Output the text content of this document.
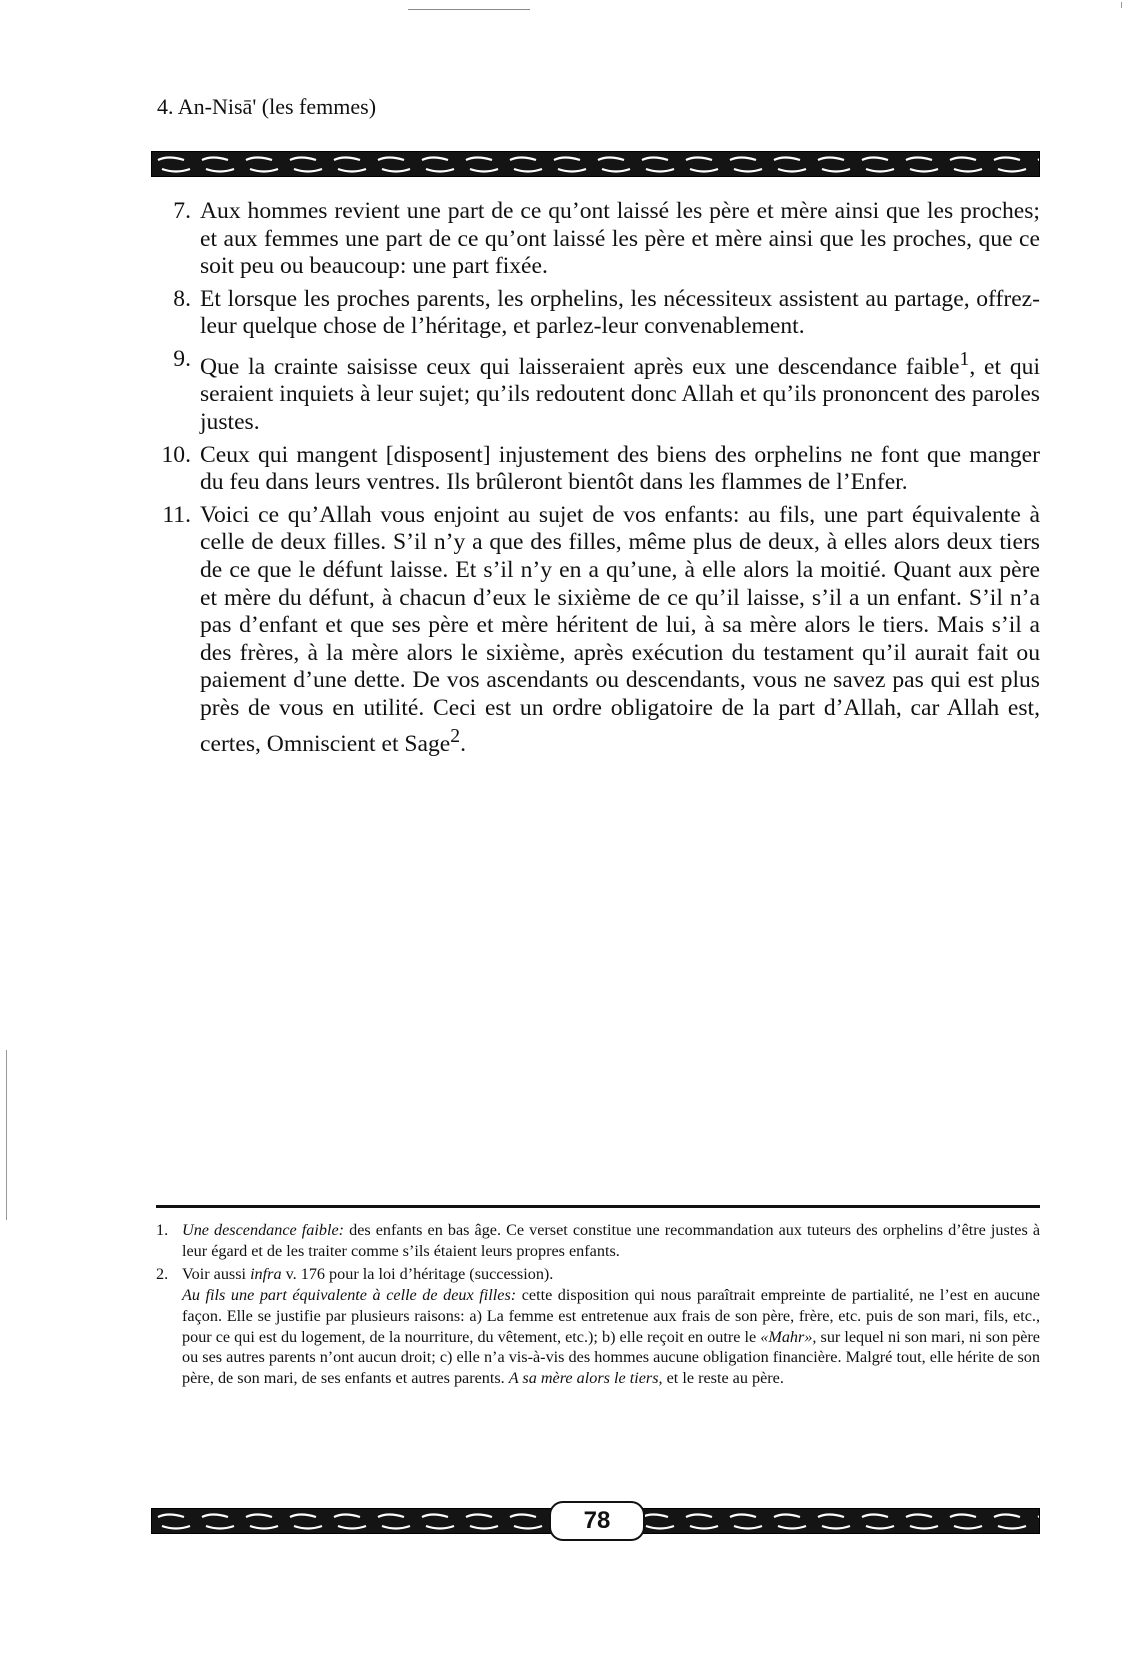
4. An-Nisā' (les femmes)
7. Aux hommes revient une part de ce qu’ont laissé les père et mère ainsi que les proches; et aux femmes une part de ce qu’ont laissé les père et mère ainsi que les proches, que ce soit peu ou beaucoup: une part fixée.
8. Et lorsque les proches parents, les orphelins, les nécessiteux assistent au partage, offrez-leur quelque chose de l’héritage, et parlez-leur convenablement.
9. Que la crainte saisisse ceux qui laisseraient après eux une descendance faible$^1$, et qui seraient inquiets à leur sujet; qu’ils redoutent donc Allah et qu’ils prononcent des paroles justes.
10. Ceux qui mangent [disposent] injustement des biens des orphelins ne font que manger du feu dans leurs ventres. Ils brûleront bientôt dans les flammes de l’Enfer.
11. Voici ce qu’Allah vous enjoint au sujet de vos enfants: au fils, une part équivalente à celle de deux filles. S’il n’y a que des filles, même plus de deux, à elles alors deux tiers de ce que le défunt laisse. Et s’il n’y en a qu’une, à elle alors la moitié. Quant aux père et mère du défunt, à chacun d’eux le sixième de ce qu’il laisse, s’il a un enfant. S’il n’a pas d’enfant et que ses père et mère héritent de lui, à sa mère alors le tiers. Mais s’il a des frères, à la mère alors le sixième, après exécution du testament qu’il aurait fait ou paiement d’une dette. De vos ascendants ou descendants, vous ne savez pas qui est plus près de vous en utilité. Ceci est un ordre obligatoire de la part d’Allah, car Allah est, certes, Omniscient et Sage$^2$.
1. Une descendance faible: des enfants en bas âge. Ce verset constitue une recommandation aux tuteurs des orphelins d’être justes à leur égard et de les traiter comme s’ils étaient leurs propres enfants.
2. Voir aussi infra v. 176 pour la loi d’héritage (succession).
Au fils une part équivalente à celle de deux filles: cette disposition qui nous paraîtrait empreinte de partialité, ne l’est en aucune façon. Elle se justifie par plusieurs raisons: a) La femme est entretenue aux frais de son père, frère, etc. puis de son mari, fils, etc., pour ce qui est du logement, de la nourriture, du vêtement, etc.); b) elle reçoit en outre le «Mahr», sur lequel ni son mari, ni son père ou ses autres parents n’ont aucun droit; c) elle n’a vis-à-vis des hommes aucune obligation financière. Malgré tout, elle hérite de son père, de son mari, de ses enfants et autres parents. A sa mère alors le tiers, et le reste au père.
78
